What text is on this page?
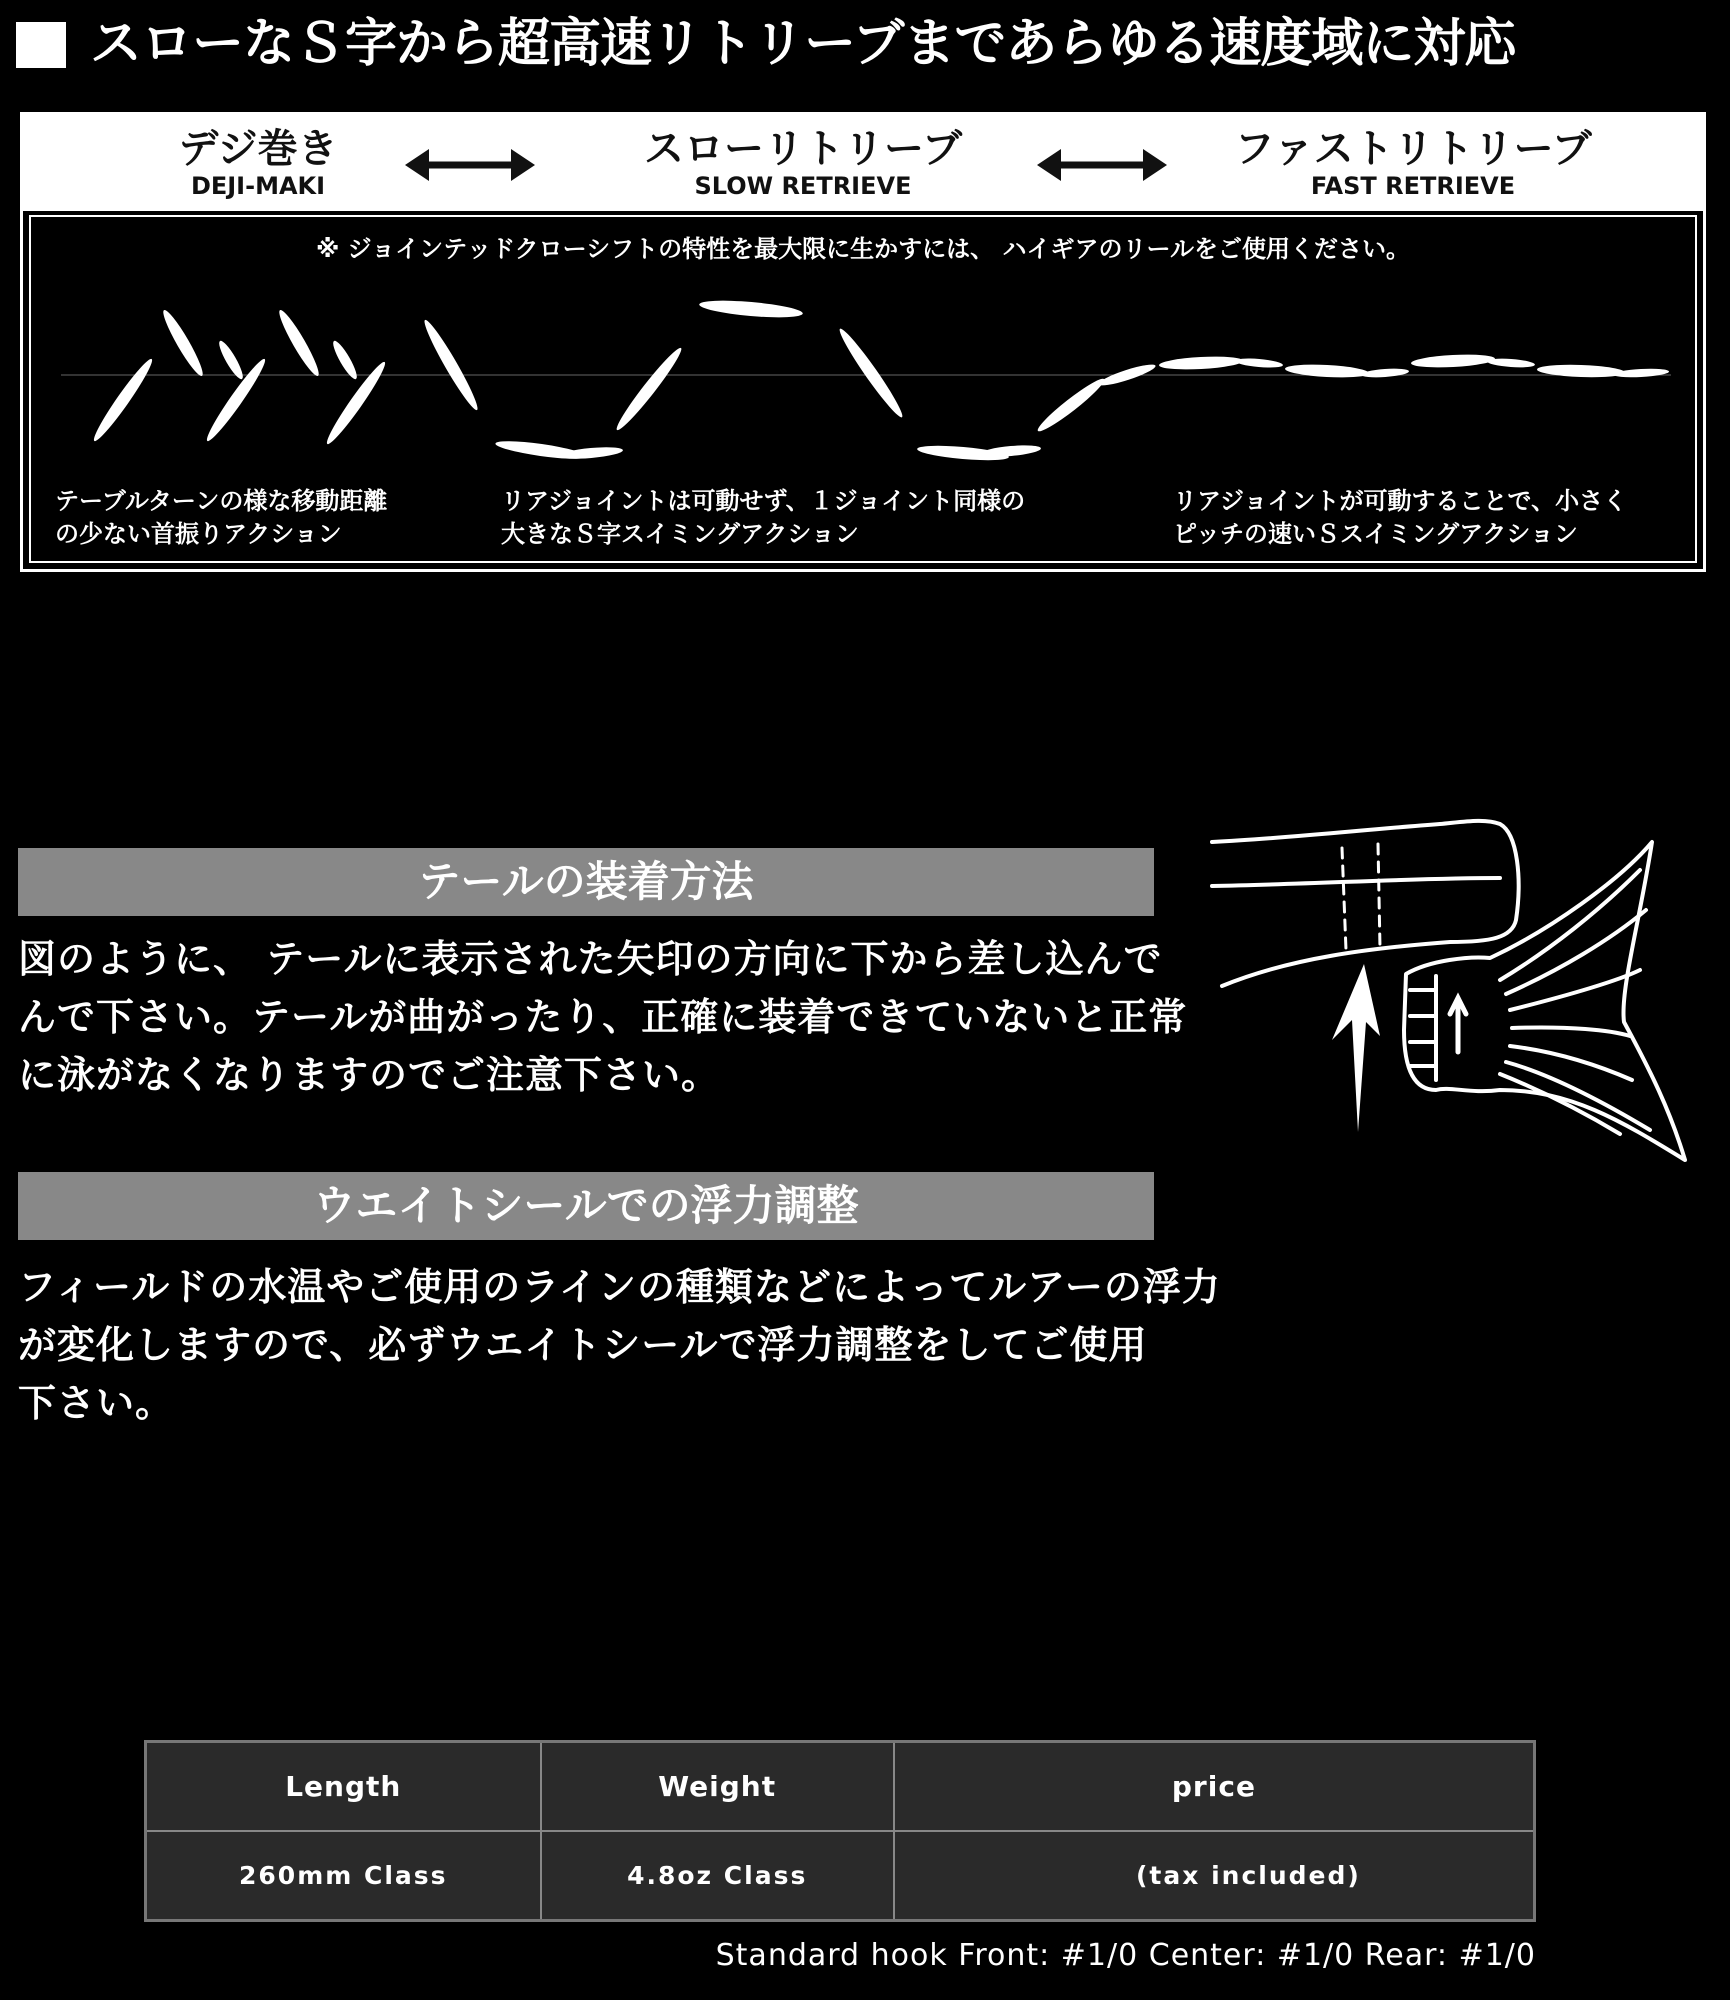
スローなＳ字から超高速リトリーブまであらゆる速度域に対応
デジ巻き
DEJI-MAKI
スローリトリーブ
SLOW RETRIEVE
ファストリトリーブ
FAST RETRIEVE
※ ジョインテッドクローシフトの特性を最大限に生かすには、 ハイギアのリールをご使用ください。
テーブルターンの様な移動距離
の少ない首振りアクション
リアジョイントは可動せず、１ジョイント同様の
大きなＳ字スイミングアクション
リアジョイントが可動することで、小さく
ピッチの速いＳスイミングアクション
テールの装着方法
図のように、 テールに表示された矢印の方向に下から差し込んで
んで下さい。テールが曲がったり、正確に装着できていないと正常
に泳がなくなりますのでご注意下さい。
ウエイトシールでの浮力調整
フィールドの水温やご使用のラインの種類などによってルアーの浮力
が変化しますので、必ずウエイトシールで浮力調整をしてご使用
下さい。
Length	Weight	price
260mm Class	4.8oz Class	(tax included)
Standard hook Front: #1/0 Center: #1/0 Rear: #1/0
